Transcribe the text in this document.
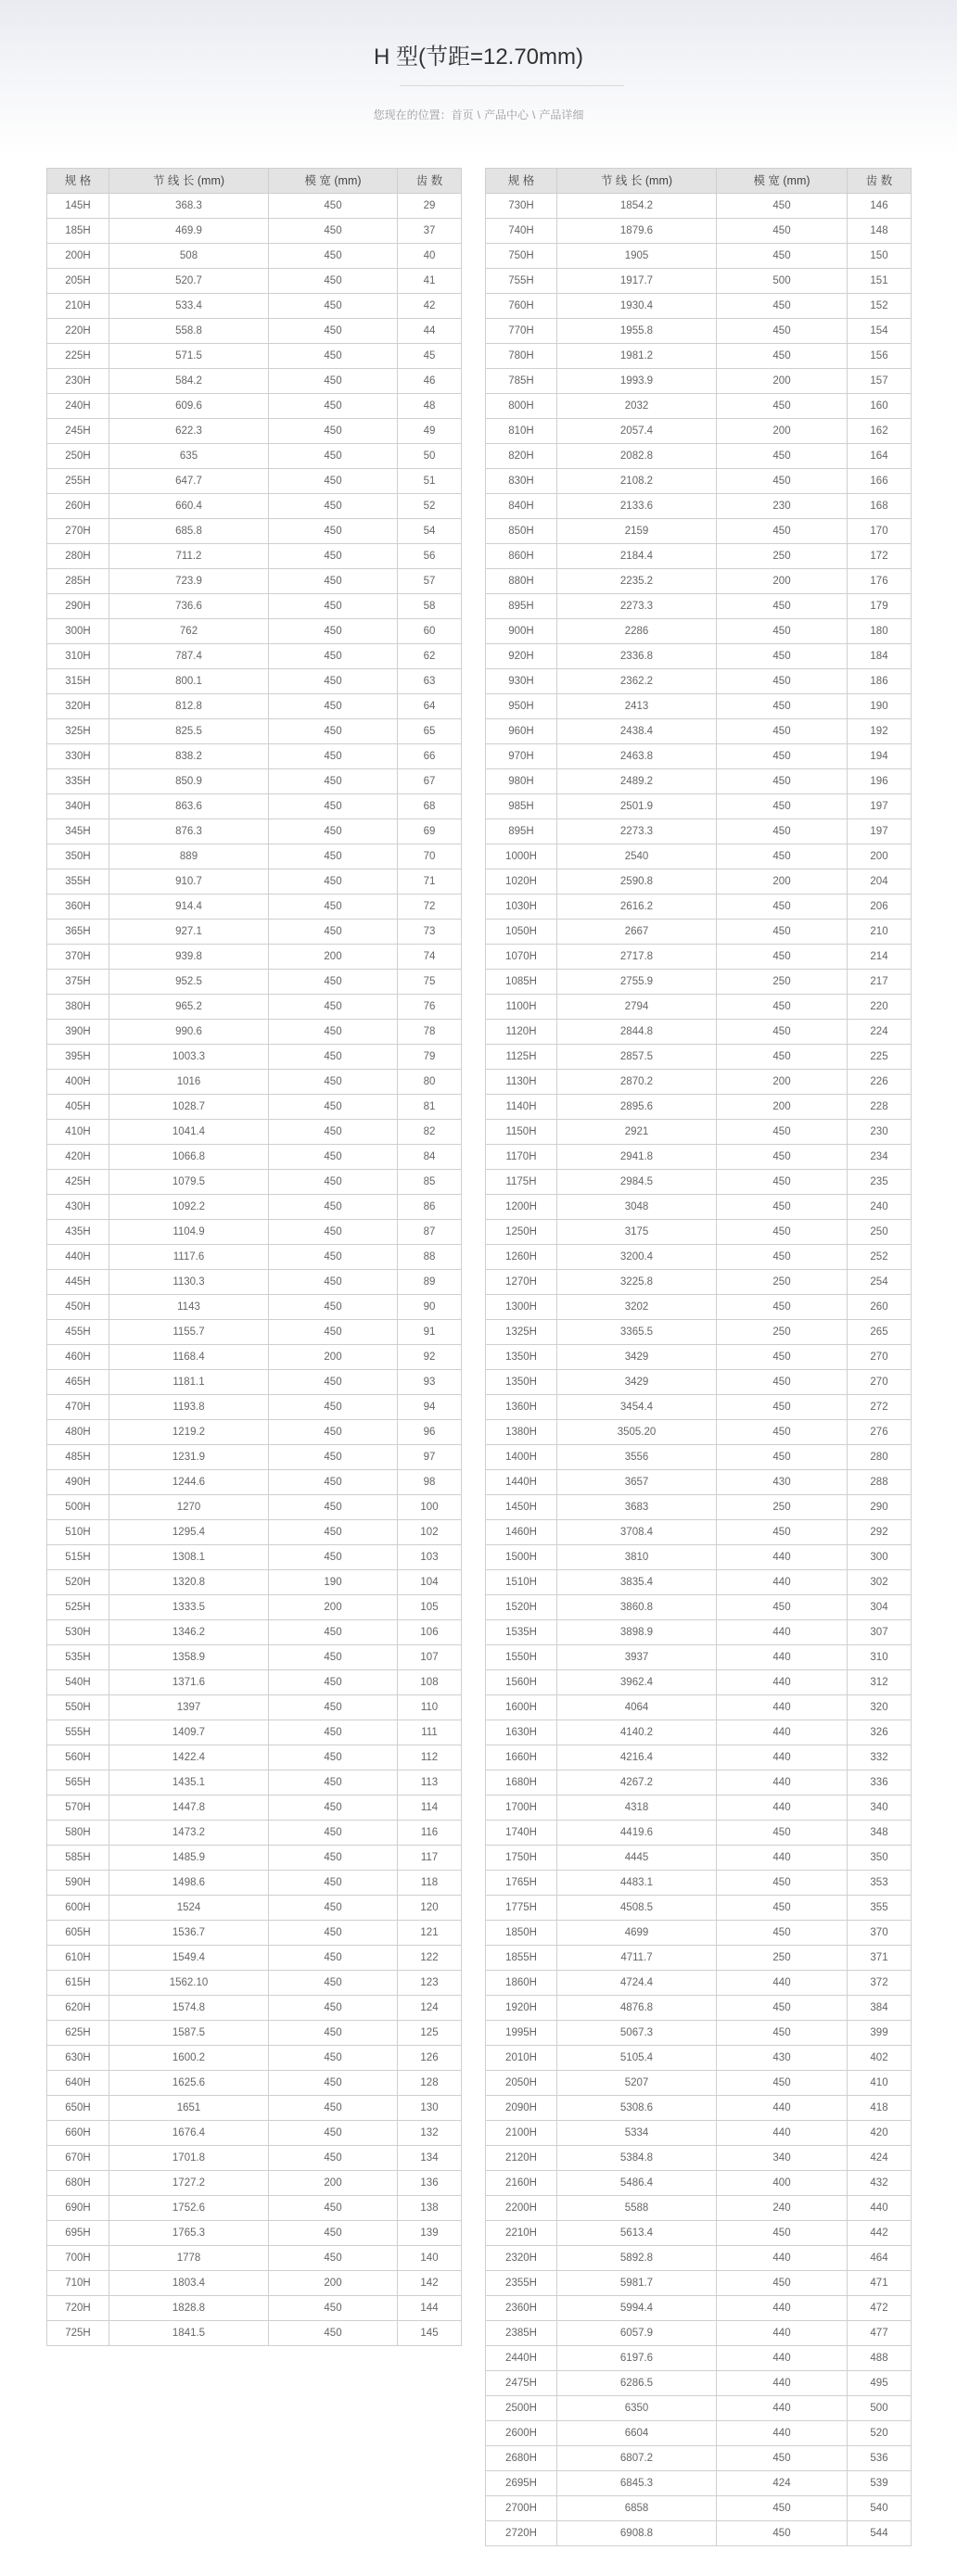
H 型(节距=12.70mm)
您现在的位置：首页 \ 产品中心 \ 产品详细
规 格	节 线 长 (mm)	模 宽 (mm)	齿 数
145H	368.3	450	29
185H	469.9	450	37
200H	508	450	40
205H	520.7	450	41
210H	533.4	450	42
220H	558.8	450	44
225H	571.5	450	45
230H	584.2	450	46
240H	609.6	450	48
245H	622.3	450	49
250H	635	450	50
255H	647.7	450	51
260H	660.4	450	52
270H	685.8	450	54
280H	711.2	450	56
285H	723.9	450	57
290H	736.6	450	58
300H	762	450	60
310H	787.4	450	62
315H	800.1	450	63
320H	812.8	450	64
325H	825.5	450	65
330H	838.2	450	66
335H	850.9	450	67
340H	863.6	450	68
345H	876.3	450	69
350H	889	450	70
355H	910.7	450	71
360H	914.4	450	72
365H	927.1	450	73
370H	939.8	200	74
375H	952.5	450	75
380H	965.2	450	76
390H	990.6	450	78
395H	1003.3	450	79
400H	1016	450	80
405H	1028.7	450	81
410H	1041.4	450	82
420H	1066.8	450	84
425H	1079.5	450	85
430H	1092.2	450	86
435H	1104.9	450	87
440H	1117.6	450	88
445H	1130.3	450	89
450H	1143	450	90
455H	1155.7	450	91
460H	1168.4	200	92
465H	1181.1	450	93
470H	1193.8	450	94
480H	1219.2	450	96
485H	1231.9	450	97
490H	1244.6	450	98
500H	1270	450	100
510H	1295.4	450	102
515H	1308.1	450	103
520H	1320.8	190	104
525H	1333.5	200	105
530H	1346.2	450	106
535H	1358.9	450	107
540H	1371.6	450	108
550H	1397	450	110
555H	1409.7	450	111
560H	1422.4	450	112
565H	1435.1	450	113
570H	1447.8	450	114
580H	1473.2	450	116
585H	1485.9	450	117
590H	1498.6	450	118
600H	1524	450	120
605H	1536.7	450	121
610H	1549.4	450	122
615H	1562.10	450	123
620H	1574.8	450	124
625H	1587.5	450	125
630H	1600.2	450	126
640H	1625.6	450	128
650H	1651	450	130
660H	1676.4	450	132
670H	1701.8	450	134
680H	1727.2	200	136
690H	1752.6	450	138
695H	1765.3	450	139
700H	1778	450	140
710H	1803.4	200	142
720H	1828.8	450	144
725H	1841.5	450	145
规 格	节 线 长 (mm)	模 宽 (mm)	齿 数
730H	1854.2	450	146
740H	1879.6	450	148
750H	1905	450	150
755H	1917.7	500	151
760H	1930.4	450	152
770H	1955.8	450	154
780H	1981.2	450	156
785H	1993.9	200	157
800H	2032	450	160
810H	2057.4	200	162
820H	2082.8	450	164
830H	2108.2	450	166
840H	2133.6	230	168
850H	2159	450	170
860H	2184.4	250	172
880H	2235.2	200	176
895H	2273.3	450	179
900H	2286	450	180
920H	2336.8	450	184
930H	2362.2	450	186
950H	2413	450	190
960H	2438.4	450	192
970H	2463.8	450	194
980H	2489.2	450	196
985H	2501.9	450	197
895H	2273.3	450	197
1000H	2540	450	200
1020H	2590.8	200	204
1030H	2616.2	450	206
1050H	2667	450	210
1070H	2717.8	450	214
1085H	2755.9	250	217
1100H	2794	450	220
1120H	2844.8	450	224
1125H	2857.5	450	225
1130H	2870.2	200	226
1140H	2895.6	200	228
1150H	2921	450	230
1170H	2941.8	450	234
1175H	2984.5	450	235
1200H	3048	450	240
1250H	3175	450	250
1260H	3200.4	450	252
1270H	3225.8	250	254
1300H	3202	450	260
1325H	3365.5	250	265
1350H	3429	450	270
1350H	3429	450	270
1360H	3454.4	450	272
1380H	3505.20	450	276
1400H	3556	450	280
1440H	3657	430	288
1450H	3683	250	290
1460H	3708.4	450	292
1500H	3810	440	300
1510H	3835.4	440	302
1520H	3860.8	450	304
1535H	3898.9	440	307
1550H	3937	440	310
1560H	3962.4	440	312
1600H	4064	440	320
1630H	4140.2	440	326
1660H	4216.4	440	332
1680H	4267.2	440	336
1700H	4318	440	340
1740H	4419.6	450	348
1750H	4445	440	350
1765H	4483.1	450	353
1775H	4508.5	450	355
1850H	4699	450	370
1855H	4711.7	250	371
1860H	4724.4	440	372
1920H	4876.8	450	384
1995H	5067.3	450	399
2010H	5105.4	430	402
2050H	5207	450	410
2090H	5308.6	440	418
2100H	5334	440	420
2120H	5384.8	340	424
2160H	5486.4	400	432
2200H	5588	240	440
2210H	5613.4	450	442
2320H	5892.8	440	464
2355H	5981.7	450	471
2360H	5994.4	440	472
2385H	6057.9	440	477
2440H	6197.6	440	488
2475H	6286.5	440	495
2500H	6350	440	500
2600H	6604	440	520
2680H	6807.2	450	536
2695H	6845.3	424	539
2700H	6858	450	540
2720H	6908.8	450	544
